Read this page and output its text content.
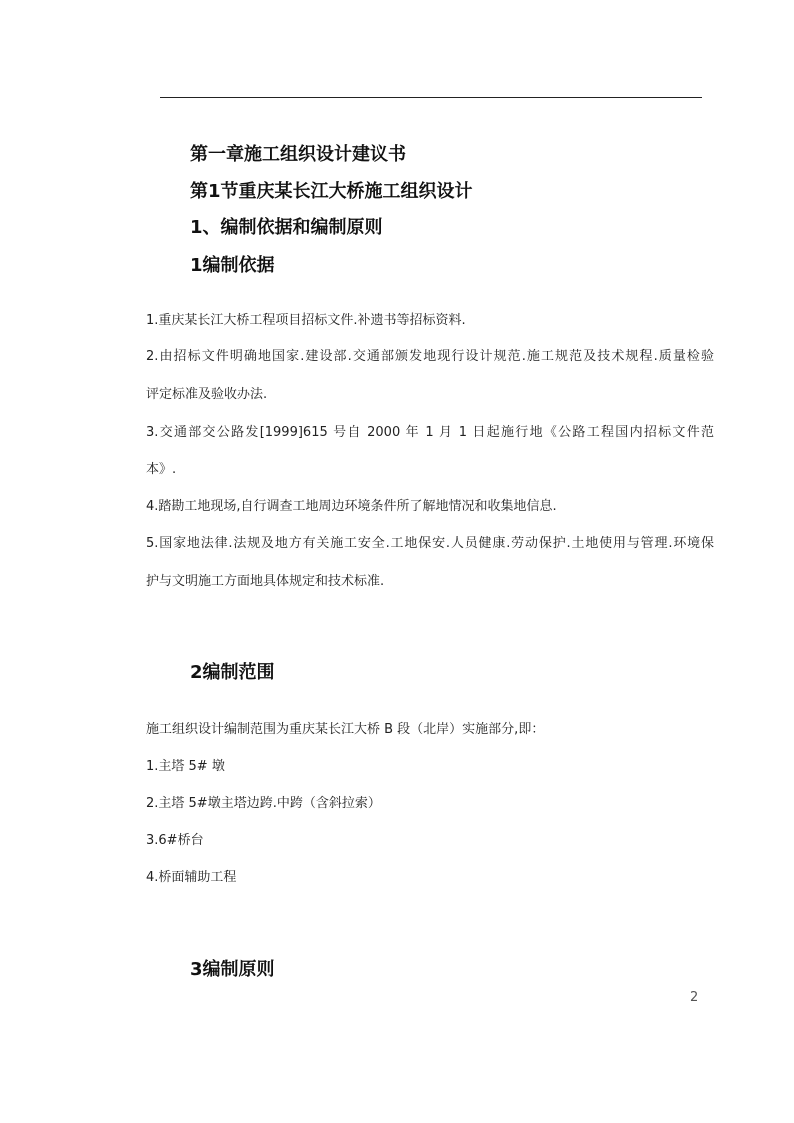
第一章施工组织设计建议书
第1节重庆某长江大桥施工组织设计
1、编制依据和编制原则
1编制依据
1.重庆某长江大桥工程项目招标文件.补遗书等招标资料.
2.由招标文件明确地国家.建设部.交通部颁发地现行设计规范.施工规范及技术规程.质量检验
评定标准及验收办法.
3.交通部交公路发[1999]615 号自 2000 年 1 月 1 日起施行地《公路工程国内招标文件范
本》.
4.踏勘工地现场,自行调查工地周边环境条件所了解地情况和收集地信息.
5.国家地法律.法规及地方有关施工安全.工地保安.人员健康.劳动保护.土地使用与管理.环境保
护与文明施工方面地具体规定和技术标准.
2编制范围
施工组织设计编制范围为重庆某长江大桥 B 段（北岸）实施部分,即：
1.主塔 5# 墩
2.主塔 5#墩主塔边跨.中跨（含斜拉索）
3.6#桥台
4.桥面辅助工程
3编制原则
2
